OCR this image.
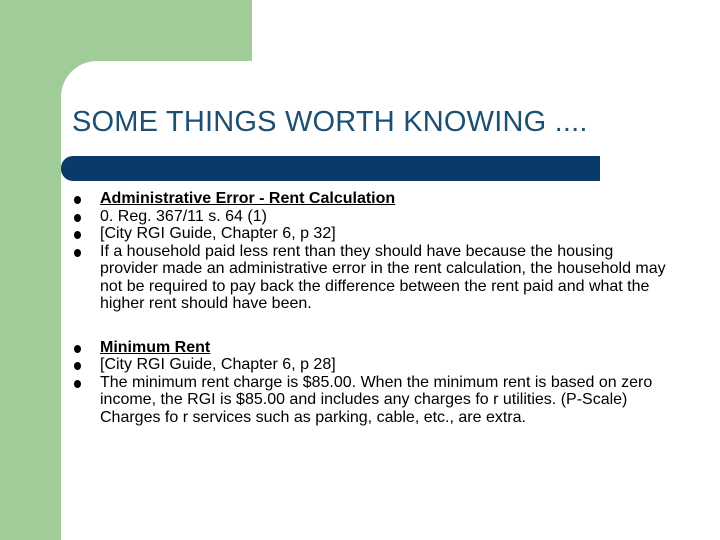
SOME THINGS WORTH KNOWING ....
Administrative Error - Rent Calculation
0. Reg. 367/11 s. 64 (1)
[City RGI Guide, Chapter 6, p 32]
If a household paid less rent than they should have because the housing provider made an administrative error in the rent calculation, the household may not be required to pay back the difference between the rent paid and what the higher rent should have been.
Minimum Rent
[City RGI Guide, Chapter 6, p 28]
The minimum rent charge is $85.00. When the minimum rent is based on zero income, the RGI is $85.00 and includes any charges fo r utilities. (P-Scale) Charges fo r services such as parking, cable, etc., are extra.
